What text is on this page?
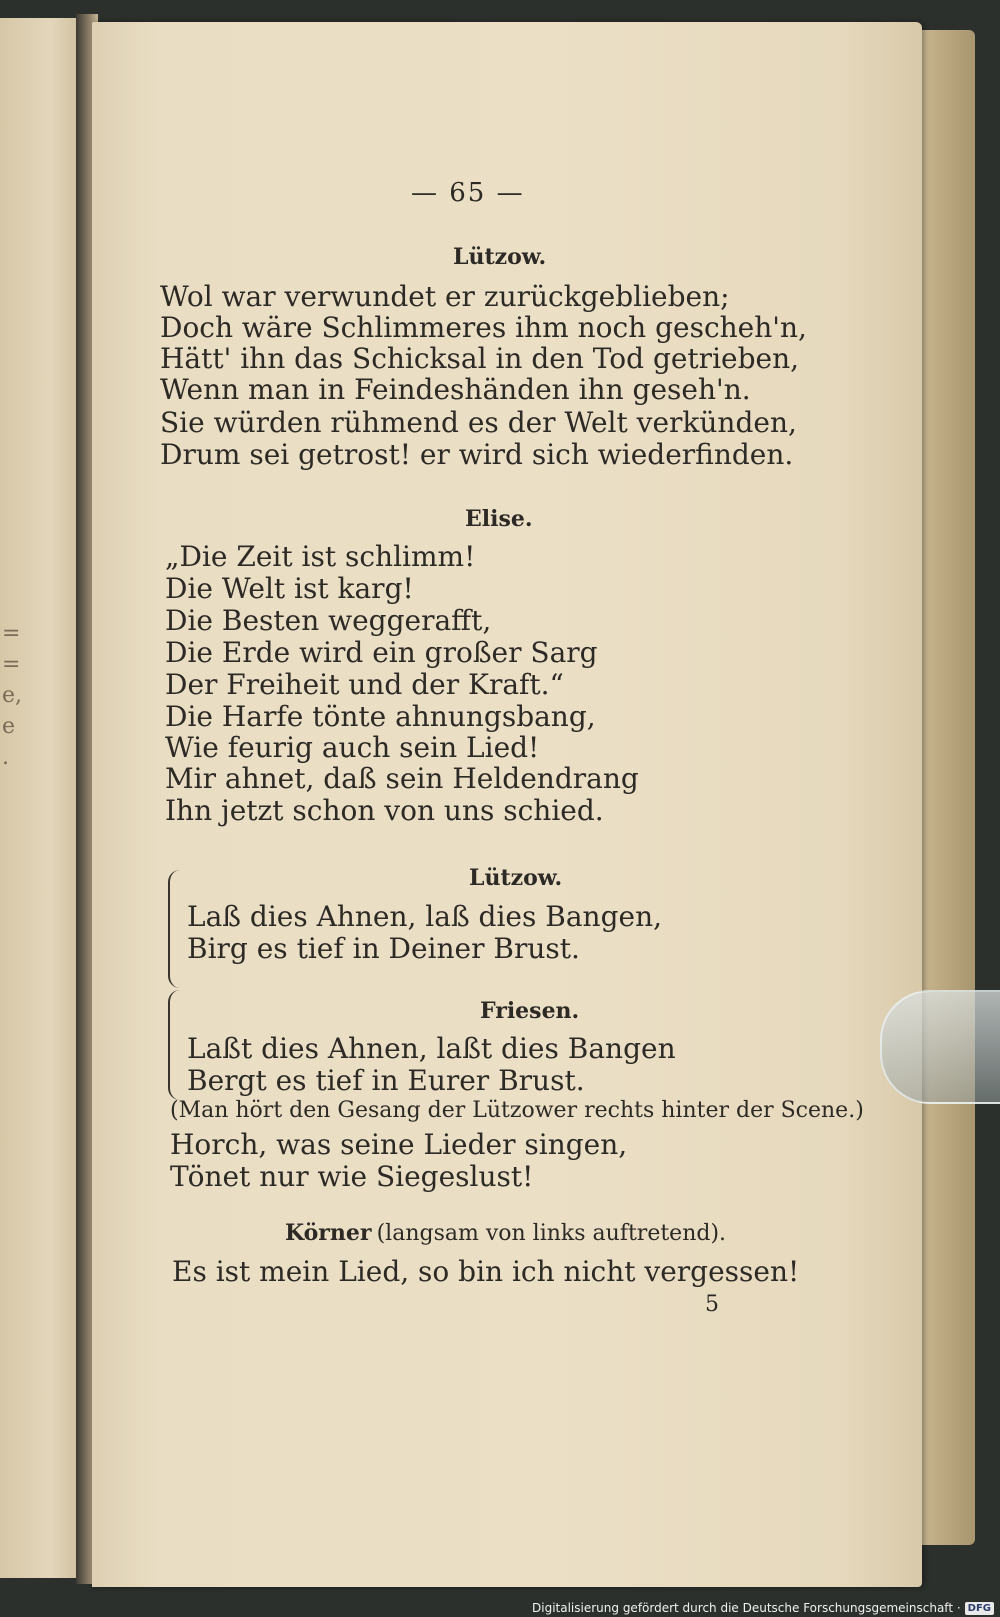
=
=
e,
e
.
— 65 —
Lützow.
Wol war verwundet er zurückgeblieben;
Doch wäre Schlimmeres ihm noch gescheh'n,
Hätt' ihn das Schicksal in den Tod getrieben,
Wenn man in Feindeshänden ihn geseh'n.
Sie würden rühmend es der Welt verkünden,
Drum sei getrost! er wird sich wiederfinden.
Elise.
„Die Zeit ist schlimm!
Die Welt ist karg!
Die Besten weggerafft,
Die Erde wird ein großer Sarg
Der Freiheit und der Kraft.“
Die Harfe tönte ahnungsbang,
Wie feurig auch sein Lied!
Mir ahnet, daß sein Heldendrang
Ihn jetzt schon von uns schied.
Lützow.
Laß dies Ahnen, laß dies Bangen,
Birg es tief in Deiner Brust.
Friesen.
Laßt dies Ahnen, laßt dies Bangen
Bergt es tief in Eurer Brust.
(Man hört den Gesang der Lützower rechts hinter der Scene.)
Horch, was seine Lieder singen,
Tönet nur wie Siegeslust!
Körner (langsam von links auftretend).
Es ist mein Lied, so bin ich nicht vergessen!
5
Digitalisierung gefördert durch die Deutsche Forschungsgemeinschaft · DFG
